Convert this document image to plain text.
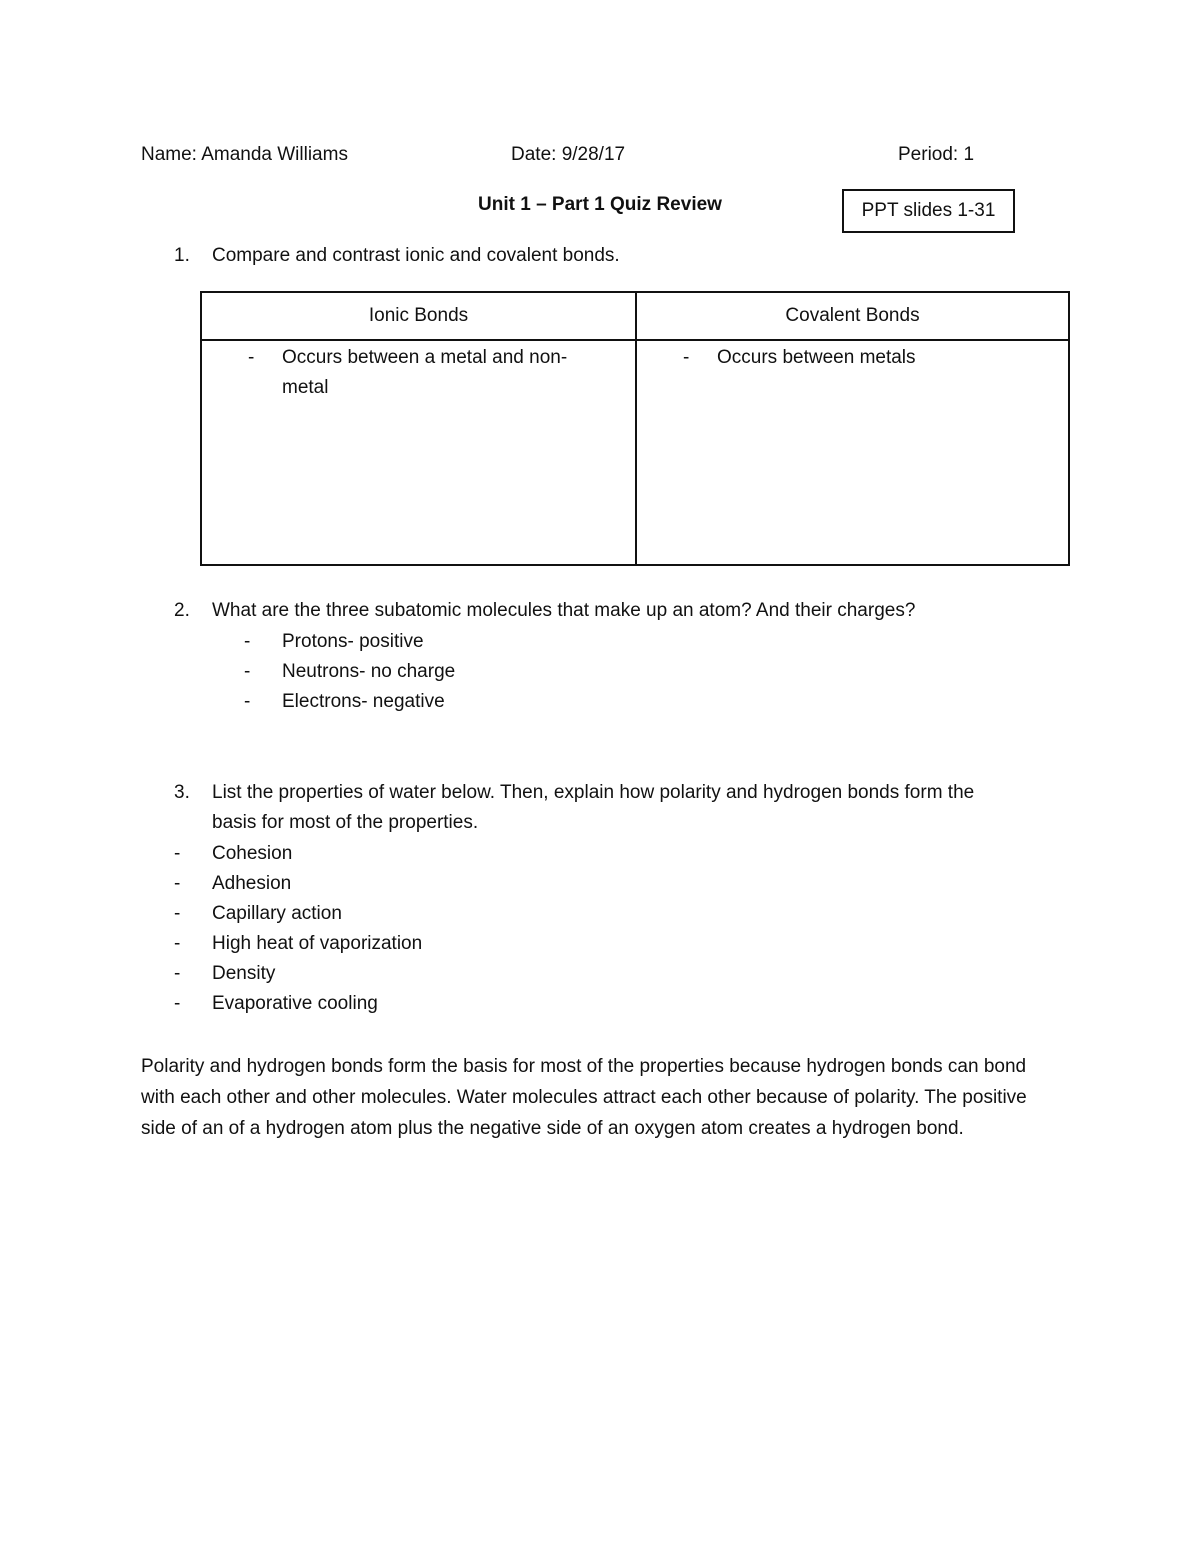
Name: Amanda Williams	Date: 9/28/17	Period: 1
Unit 1 – Part 1 Quiz Review	PPT slides 1-31
1. Compare and contrast ionic and covalent bonds.
Ionic Bonds	Covalent Bonds

- Occurs between a metal and non-metal	- Occurs between metals
2. What are the three subatomic molecules that make up an atom? And their charges?
- Protons- positive
- Neutrons- no charge
- Electrons- negative
3. List the properties of water below. Then, explain how polarity and hydrogen bonds form the
basis for most of the properties.
- Cohesion
- Adhesion
- Capillary action
- High heat of vaporization
- Density
- Evaporative cooling
Polarity and hydrogen bonds form the basis for most of the properties because hydrogen bonds can bond with each other and other molecules. Water molecules attract each other because of polarity. The positive side of an of a hydrogen atom plus the negative side of an oxygen atom creates a hydrogen bond.
